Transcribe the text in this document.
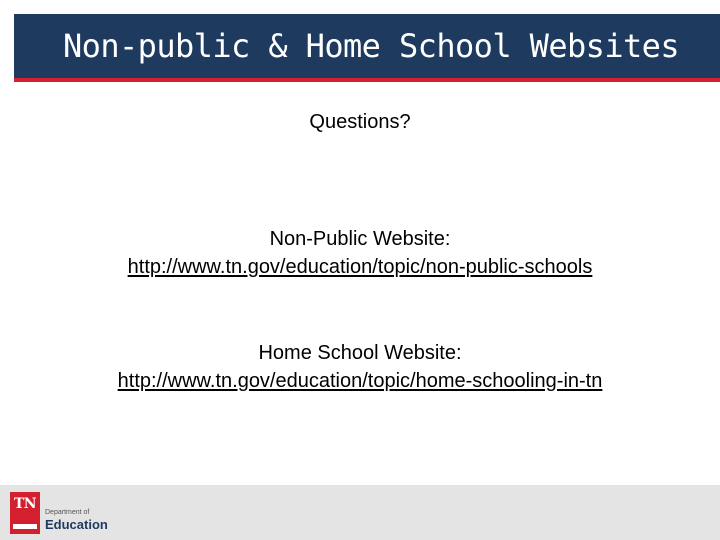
Non-public & Home School Websites
Questions?
Non-Public Website:
http://www.tn.gov/education/topic/non-public-schools
Home School Website:
http://www.tn.gov/education/topic/home-schooling-in-tn
TN
Department of
Education
